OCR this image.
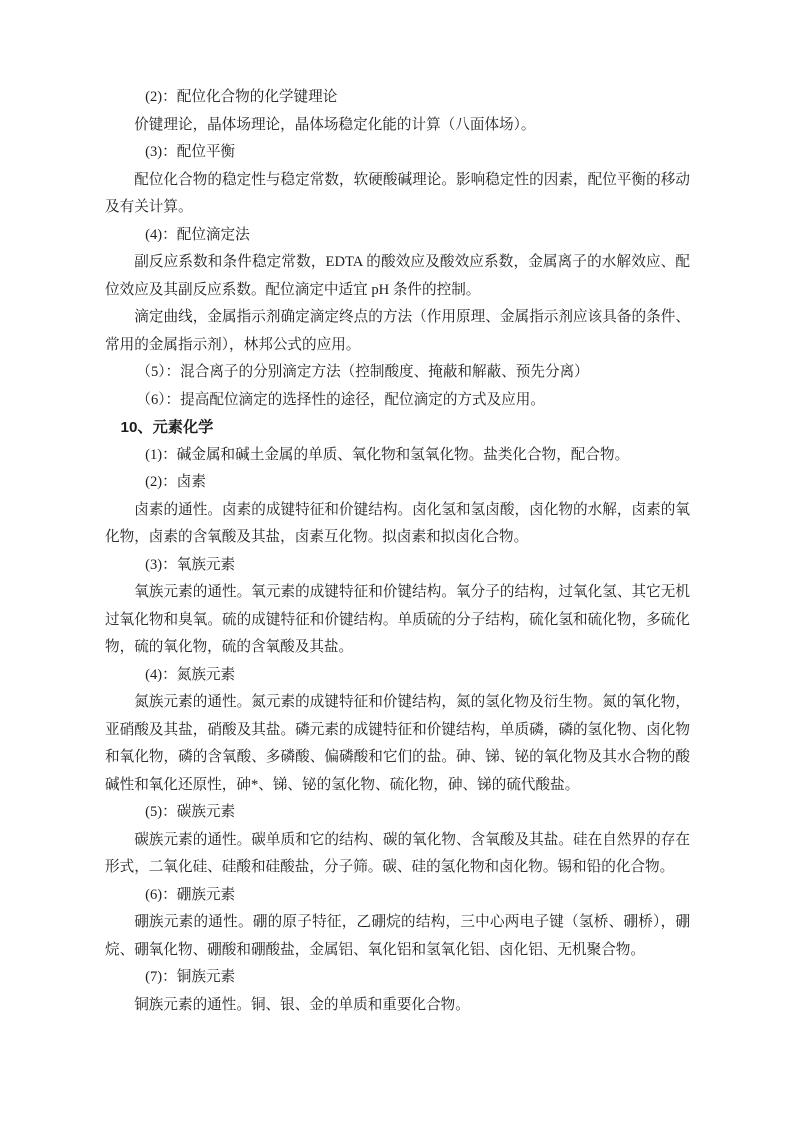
(2)：配位化合物的化学键理论

价键理论，晶体场理论，晶体场稳定化能的计算（八面体场）。

(3)：配位平衡

配位化合物的稳定性与稳定常数，软硬酸碱理论。影响稳定性的因素，配位平衡的移动及有关计算。

(4)：配位滴定法

副反应系数和条件稳定常数，EDTA 的酸效应及酸效应系数，金属离子的水解效应、配位效应及其副反应系数。配位滴定中适宜 pH 条件的控制。

滴定曲线，金属指示剂确定滴定终点的方法（作用原理、金属指示剂应该具备的条件、常用的金属指示剂），林邦公式的应用。

（5）：混合离子的分别滴定方法（控制酸度、掩蔽和解蔽、预先分离）

（6）：提高配位滴定的选择性的途径，配位滴定的方式及应用。

10、元素化学

(1)：碱金属和碱土金属的单质、氧化物和氢氧化物。盐类化合物，配合物。

(2)：卤素

卤素的通性。卤素的成键特征和价键结构。卤化氢和氢卤酸，卤化物的水解，卤素的氧化物，卤素的含氧酸及其盐，卤素互化物。拟卤素和拟卤化合物。

(3)：氧族元素

氧族元素的通性。氧元素的成键特征和价键结构。氧分子的结构，过氧化氢、其它无机过氧化物和臭氧。硫的成键特征和价键结构。单质硫的分子结构，硫化氢和硫化物，多硫化物，硫的氧化物，硫的含氧酸及其盐。

(4)：氮族元素

氮族元素的通性。氮元素的成键特征和价键结构，氮的氢化物及衍生物。氮的氧化物，亚硝酸及其盐，硝酸及其盐。磷元素的成键特征和价键结构，单质磷，磷的氢化物、卤化物和氧化物，磷的含氧酸、多磷酸、偏磷酸和它们的盐。砷、锑、铋的氧化物及其水合物的酸碱性和氧化还原性，砷*、锑、铋的氢化物、硫化物，砷、锑的硫代酸盐。

(5)：碳族元素

碳族元素的通性。碳单质和它的结构、碳的氧化物、含氧酸及其盐。硅在自然界的存在形式，二氧化硅、硅酸和硅酸盐，分子筛。碳、硅的氢化物和卤化物。锡和铅的化合物。

(6)：硼族元素

硼族元素的通性。硼的原子特征，乙硼烷的结构，三中心两电子键（氢桥、硼桥），硼烷、硼氧化物、硼酸和硼酸盐，金属铝、氧化铝和氢氧化铝、卤化铝、无机聚合物。

(7)：铜族元素

铜族元素的通性。铜、银、金的单质和重要化合物。
